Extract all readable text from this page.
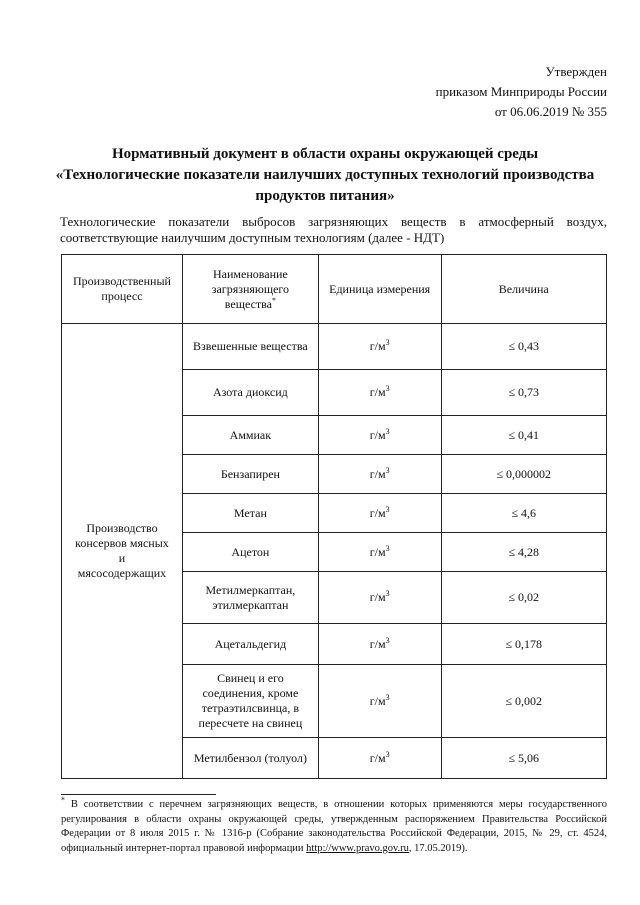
Утвержден
приказом Минприроды России
от 06.06.2019 № 355
Нормативный документ в области охраны окружающей среды
«Технологические показатели наилучших доступных технологий производства
продуктов питания»
Технологические показатели выбросов загрязняющих веществ в атмосферный воздух,
соответствующие наилучшим доступным технологиям (далее - НДТ)
Производственный процесс	Наименование загрязняющего вещества*	Единица измерения	Величина
Производство консервов мясных и мясосодержащих	Взвешенные вещества	$г/м^3$	≤ 0,43
	Азота диоксид	$г/м^3$	≤ 0,73
	Аммиак	$г/м^3$	≤ 0,41
	Бензапирен	$г/м^3$	≤ 0,000002
	Метан	$г/м^3$	≤ 4,6
	Ацетон	$г/м^3$	≤ 4,28
	Метилмеркаптан, этилмеркаптан	$г/м^3$	≤ 0,02
	Ацетальдегид	$г/м^3$	≤ 0,178
	Свинец и его соединения, кроме тетраэтилсвинца, в пересчете на свинец	$г/м^3$	≤ 0,002
	Метилбензол (толуол)	$г/м^3$	≤ 5,06
* В соответствии с перечнем загрязняющих веществ, в отношении которых применяются меры государственного регулирования в области охраны окружающей среды, утвержденным распоряжением Правительства Российской Федерации от 8 июля 2015 г. № 1316-р (Собрание законодательства Российской Федерации, 2015, № 29, ст. 4524, официальный интернет-портал правовой информации http://www.pravo.gov.ru, 17.05.2019).
